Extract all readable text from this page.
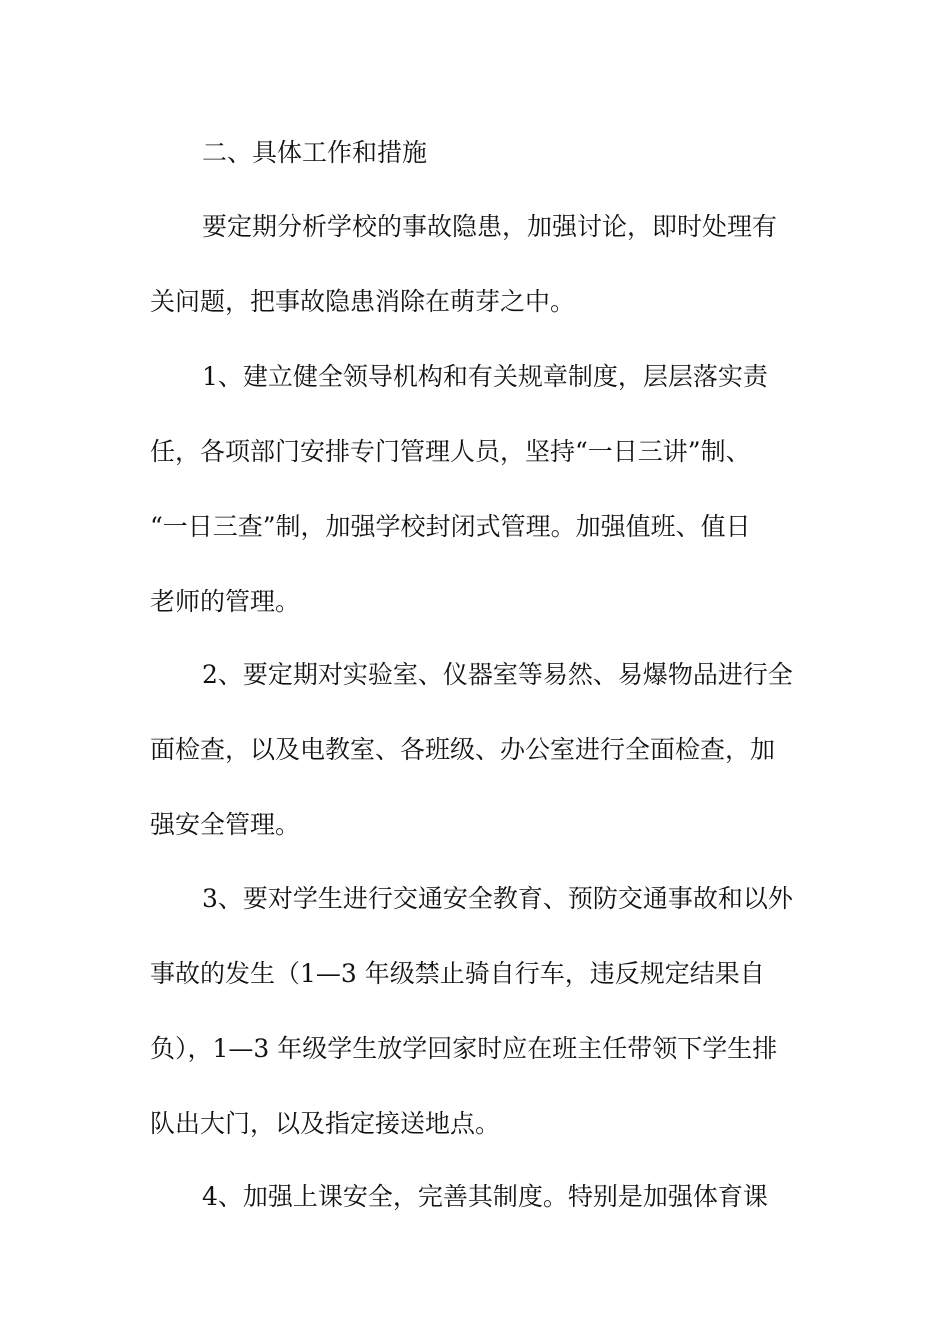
二、具体工作和措施
要定期分析学校的事故隐患，加强讨论，即时处理有
关问题，把事故隐患消除在萌芽之中。
1、建立健全领导机构和有关规章制度，层层落实责
任，各项部门安排专门管理人员，坚持“一日三讲”制、
“一日三查”制，加强学校封闭式管理。加强值班、值日
老师的管理。
2、要定期对实验室、仪器室等易然、易爆物品进行全
面检查，以及电教室、各班级、办公室进行全面检查，加
强安全管理。
3、要对学生进行交通安全教育、预防交通事故和以外
事故的发生（1—3 年级禁止骑自行车，违反规定结果自
负），1—3 年级学生放学回家时应在班主任带领下学生排
队出大门，以及指定接送地点。
4、加强上课安全，完善其制度。特别是加强体育课
